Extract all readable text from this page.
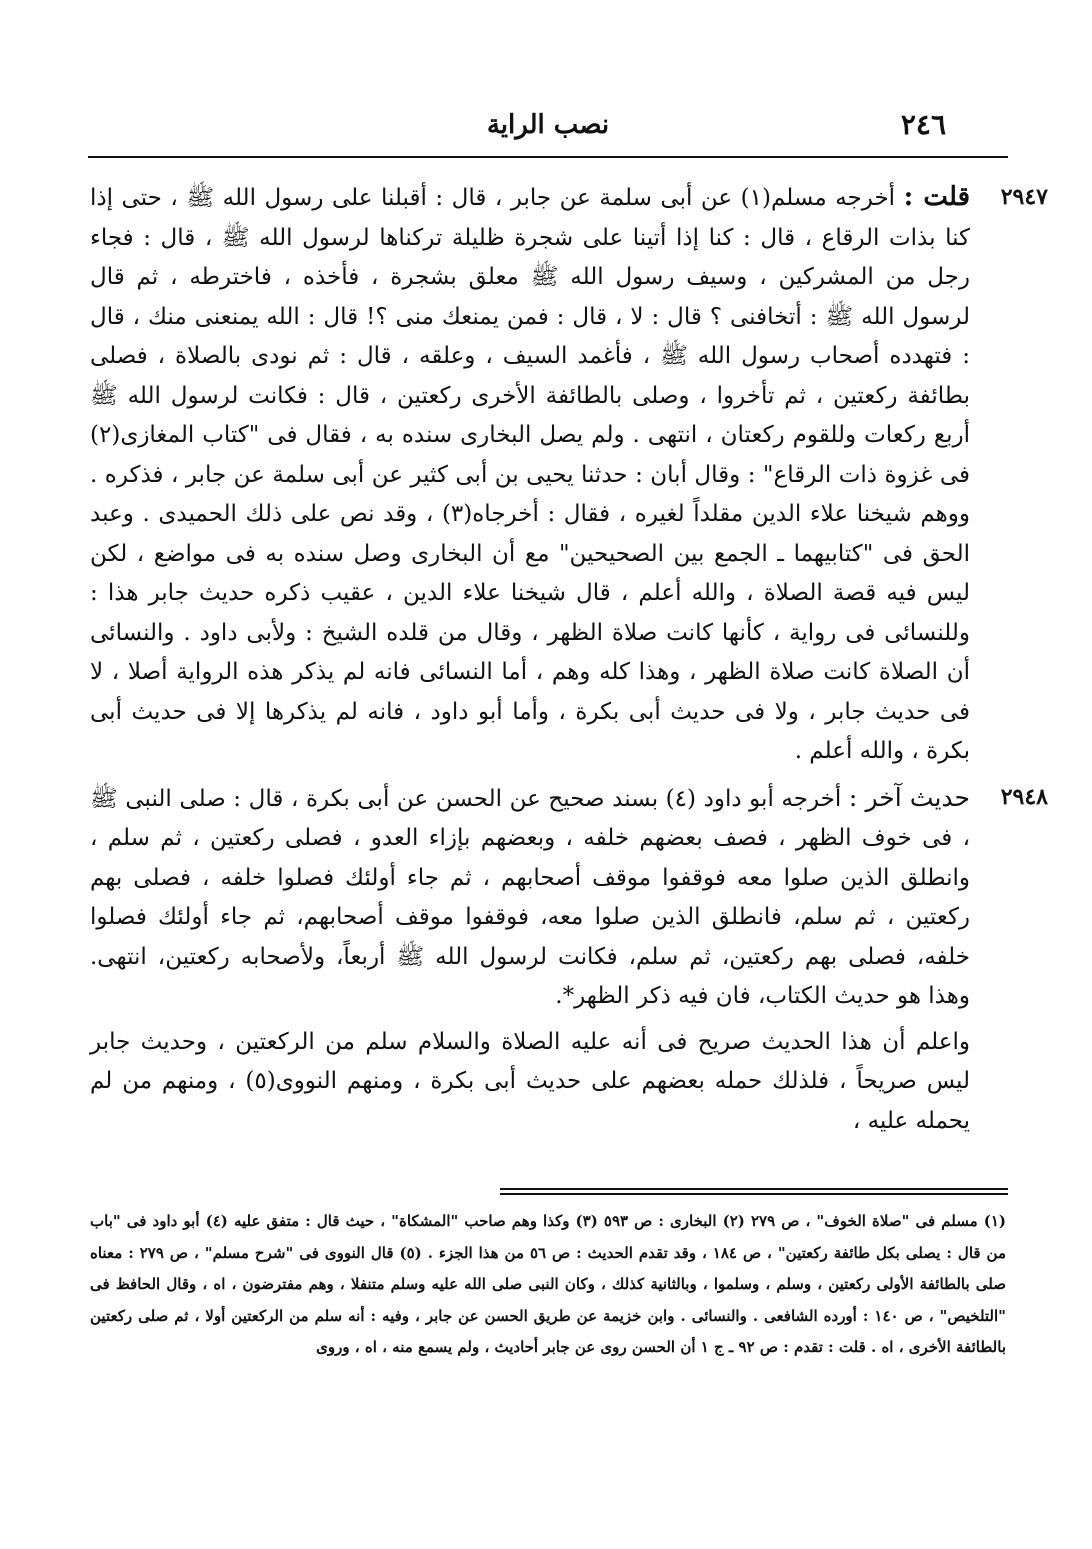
٢٤٦
نصب الراية

٢٩٤٧
قلت : أخرجه مسلم(١) عن أبى سلمة عن جابر ، قال : أقبلنا على رسول الله ﷺ ، حتى إذا كنا بذات الرقاع ، قال : كنا إذا أتينا على شجرة ظليلة تركناها لرسول الله ﷺ ، قال : فجاء رجل من المشركين ، وسيف رسول الله ﷺ معلق بشجرة ، فأخذه ، فاخترطه ، ثم قال لرسول الله ﷺ : أتخافنى ؟ قال : لا ، قال : فمن يمنعك منى ؟! قال : الله يمنعنى منك ، قال : فتهدده أصحاب رسول الله ﷺ ، فأغمد السيف ، وعلقه ، قال : ثم نودى بالصلاة ، فصلى بطائفة ركعتين ، ثم تأخروا ، وصلى بالطائفة الأخرى ركعتين ، قال : فكانت لرسول الله ﷺ أربع ركعات وللقوم ركعتان ، انتهى . ولم يصل البخارى سنده به ، فقال فى "كتاب المغازى(٢) فى غزوة ذات الرقاع" : وقال أبان : حدثنا يحيى بن أبى كثير عن أبى سلمة عن جابر ، فذكره . ووهم شيخنا علاء الدين مقلداً لغيره ، فقال : أخرجاه(٣) ، وقد نص على ذلك الحميدى . وعبد الحق فى "كتابيهما ـ الجمع بين الصحيحين" مع أن البخارى وصل سنده به فى مواضع ، لكن ليس فيه قصة الصلاة ، والله أعلم ، قال شيخنا علاء الدين ، عقيب ذكره حديث جابر هذا : وللنسائى فى رواية ، كأنها كانت صلاة الظهر ، وقال من قلده الشيخ : ولأبى داود . والنسائى أن الصلاة كانت صلاة الظهر ، وهذا كله وهم ، أما النسائى فانه لم يذكر هذه الرواية أصلا ، لا فى حديث جابر ، ولا فى حديث أبى بكرة ، وأما أبو داود ، فانه لم يذكرها إلا فى حديث أبى بكرة ، والله أعلم .

٢٩٤٨
حديث آخر : أخرجه أبو داود (٤) بسند صحيح عن الحسن عن أبى بكرة ، قال : صلى النبى ﷺ ، فى خوف الظهر ، فصف بعضهم خلفه ، وبعضهم بإزاء العدو ، فصلى ركعتين ، ثم سلم ، وانطلق الذين صلوا معه فوقفوا موقف أصحابهم ، ثم جاء أولئك فصلوا خلفه ، فصلى بهم ركعتين ، ثم سلم، فانطلق الذين صلوا معه، فوقفوا موقف أصحابهم، ثم جاء أولئك فصلوا خلفه، فصلى بهم ركعتين، ثم سلم، فكانت لرسول الله ﷺ أربعاً، ولأصحابه ركعتين، انتهى. وهذا هو حديث الكتاب، فان فيه ذكر الظهر*.

واعلم أن هذا الحديث صريح فى أنه عليه الصلاة والسلام سلم من الركعتين ، وحديث جابر ليس صريحاً ، فلذلك حمله بعضهم على حديث أبى بكرة ، ومنهم النووى(٥) ، ومنهم من لم يحمله عليه ،

(١) مسلم فى "صلاة الخوف" ، ص ٢٧٩ (٢) البخارى : ص ٥٩٣ (٣) وكذا وهم صاحب "المشكاة" ، حيث قال : متفق عليه (٤) أبو داود فى "باب من قال : يصلى بكل طائفة ركعتين" ، ص ١٨٤ ، وقد تقدم الحديث : ص ٥٦ من هذا الجزء . (٥) قال النووى فى "شرح مسلم" ، ص ٢٧٩ : معناه صلى بالطائفة الأولى ركعتين ، وسلم ، وسلموا ، وبالثانية كذلك ، وكان النبى صلى الله عليه وسلم متنفلا ، وهم مفترضون ، اه ، وقال الحافظ فى "التلخيص" ، ص ١٤٠ : أورده الشافعى . والنسائى . وابن خزيمة عن طريق الحسن عن جابر ، وفيه : أنه سلم من الركعتين أولا ، ثم صلى ركعتين بالطائفة الأخرى ، اه . قلت : تقدم : ص ٩٢ ـ ج ١ أن الحسن روى عن جابر أحاديث ، ولم يسمع منه ، اه ، وروى
